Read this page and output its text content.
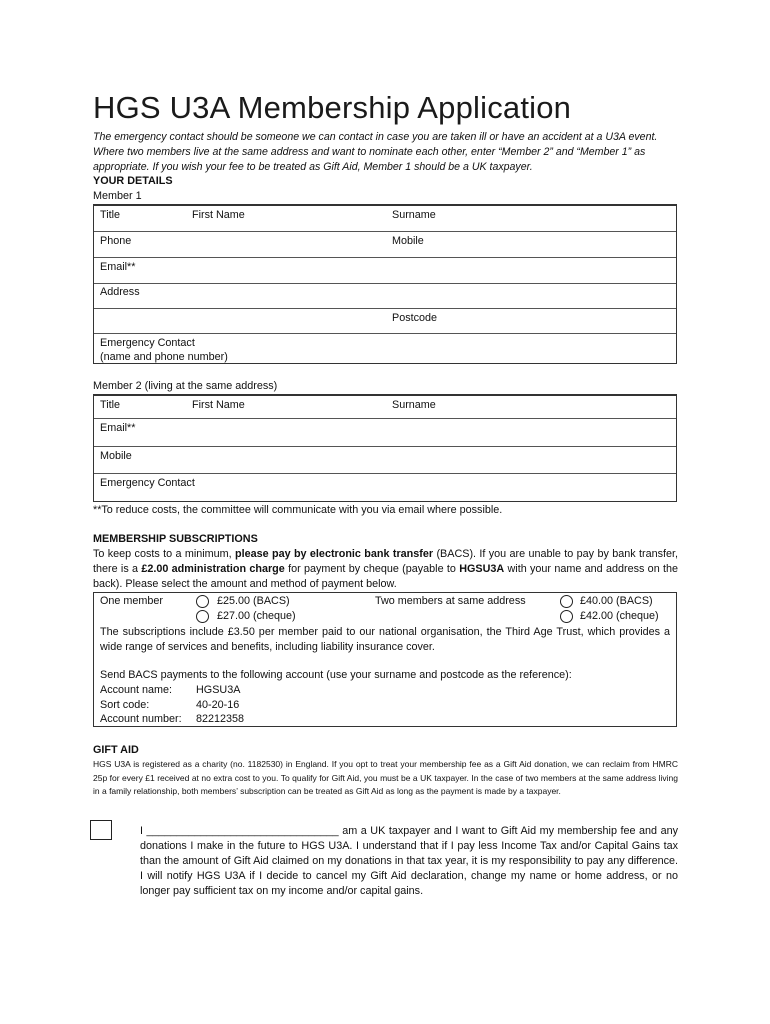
HGS U3A Membership Application
The emergency contact should be someone we can contact in case you are taken ill or have an accident at a U3A event. Where two members live at the same address and want to nominate each other, enter “Member 2” and “Member 1” as appropriate. If you wish your fee to be treated as Gift Aid, Member 1 should be a UK taxpayer.
YOUR DETAILS
Member 1
Title	First Name	Surname
Phone	Mobile
Email**
Address
Postcode
Emergency Contact
(name and phone number)
Member 2 (living at the same address)
Title	First Name	Surname
Email**
Mobile
Emergency Contact
**To reduce costs, the committee will communicate with you via email where possible.
MEMBERSHIP SUBSCRIPTIONS
To keep costs to a minimum, please pay by electronic bank transfer (BACS). If you are unable to pay by bank transfer, there is a £2.00 administration charge for payment by cheque (payable to HGSU3A with your name and address on the back). Please select the amount and method of payment below.
One member	£25.00 (BACS)
£27.00 (cheque)
Two members at same address	£40.00 (BACS)
£42.00 (cheque)
The subscriptions include £3.50 per member paid to our national organisation, the Third Age Trust, which provides a wide range of services and benefits, including liability insurance cover.
Send BACS payments to the following account (use your surname and postcode as the reference):
Account name: HGSU3A
Sort code:	40-20-16
Account number: 82212358
GIFT AID
HGS U3A is registered as a charity (no. 1182530) in England. If you opt to treat your membership fee as a Gift Aid donation, we can reclaim from HMRC 25p for every £1 received at no extra cost to you. To qualify for Gift Aid, you must be a UK taxpayer. In the case of two members at the same address living in a family relationship, both members’ subscription can be treated as Gift Aid as long as the payment is made by a taxpayer.
I ________________________________ am a UK taxpayer and I want to Gift Aid my membership fee and any donations I make in the future to HGS U3A. I understand that if I pay less Income Tax and/or Capital Gains tax than the amount of Gift Aid claimed on my donations in that tax year, it is my responsibility to pay any difference. I will notify HGS U3A if I decide to cancel my Gift Aid declaration, change my name or home address, or no longer pay sufficient tax on my income and/or capital gains.
